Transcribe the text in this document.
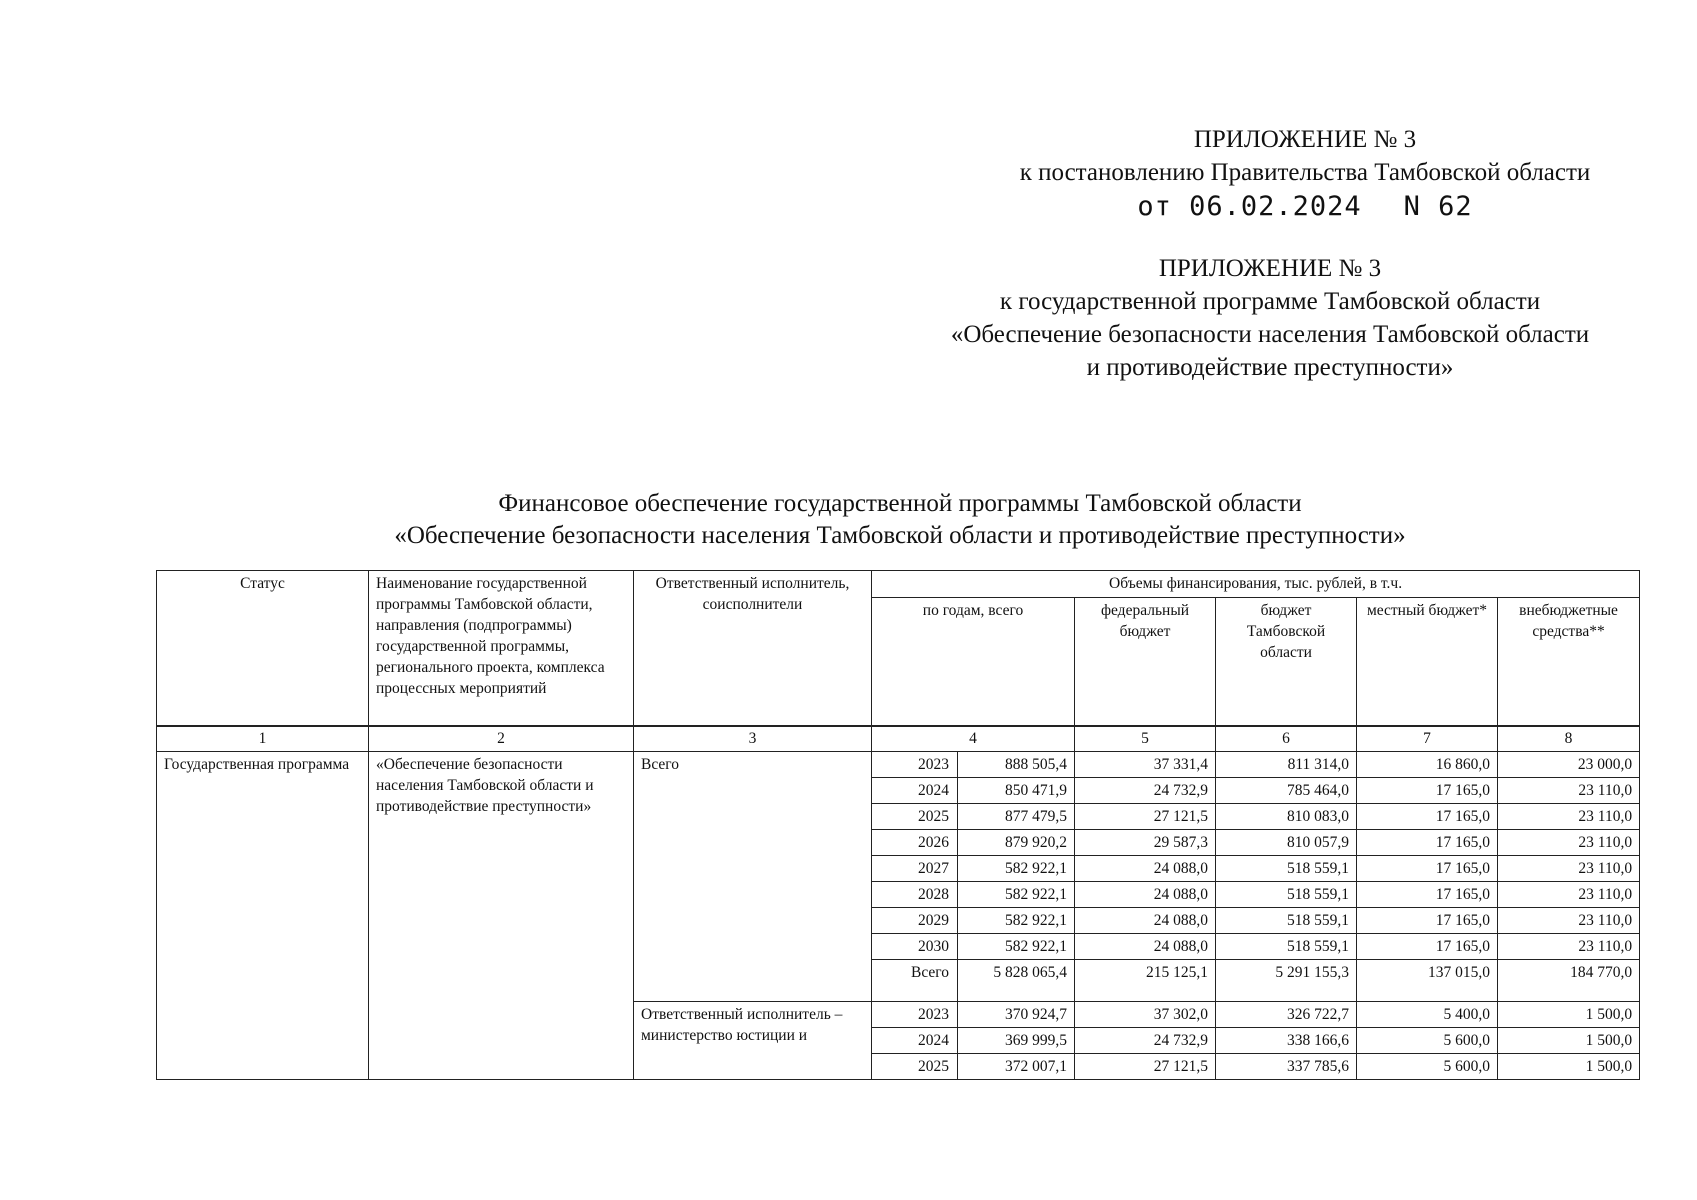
ПРИЛОЖЕНИЕ № 3
к постановлению Правительства Тамбовской области
от 06.02.2024 N 62
ПРИЛОЖЕНИЕ № 3
к государственной программе Тамбовской области
«Обеспечение безопасности населения Тамбовской области
и противодействие преступности»
Финансовое обеспечение государственной программы Тамбовской области
«Обеспечение безопасности населения Тамбовской области и противодействие преступности»
Статус	Наименование государственной программы Тамбовской области, направления (подпрограммы) государственной программы, регионального проекта, комплекса процессных мероприятий	Ответственный исполнитель, соисполнители	Объемы финансирования, тыс. рублей, в т.ч.					
			по годам, всего		федеральный бюджет	бюджет Тамбовской области	местный бюджет*	внебюджетные средства**
1	2	3	4		5	6	7	8
Государственная программа	«Обеспечение безопасности населения Тамбовской области и противодействие преступности»	Всего	2023	888 505,4	37 331,4	811 314,0	16 860,0	23 000,0
			2024	850 471,9	24 732,9	785 464,0	17 165,0	23 110,0
			2025	877 479,5	27 121,5	810 083,0	17 165,0	23 110,0
			2026	879 920,2	29 587,3	810 057,9	17 165,0	23 110,0
			2027	582 922,1	24 088,0	518 559,1	17 165,0	23 110,0
			2028	582 922,1	24 088,0	518 559,1	17 165,0	23 110,0
			2029	582 922,1	24 088,0	518 559,1	17 165,0	23 110,0
			2030	582 922,1	24 088,0	518 559,1	17 165,0	23 110,0
			Всего	5 828 065,4	215 125,1	5 291 155,3	137 015,0	184 770,0
		Ответственный исполнитель – министерство юстиции и	2023	370 924,7	37 302,0	326 722,7	5 400,0	1 500,0
			2024	369 999,5	24 732,9	338 166,6	5 600,0	1 500,0
			2025	372 007,1	27 121,5	337 785,6	5 600,0	1 500,0
